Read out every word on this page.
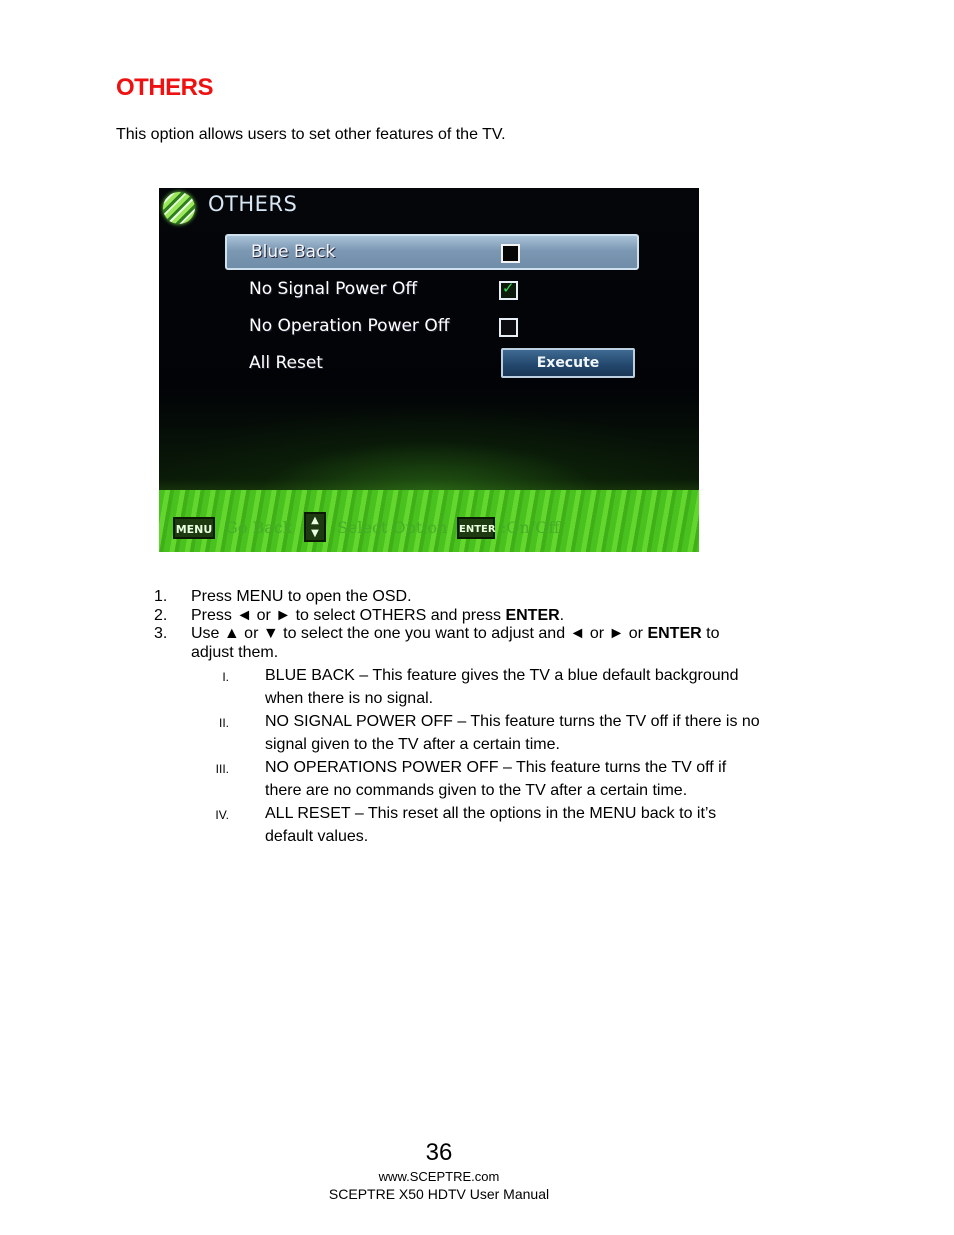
OTHERS
This option allows users to set other features of the TV.
OTHERS
Blue Back
No Signal Power Off	✓
No Operation Power Off
All Reset	Execute
MENU Go Back	▲
▼	Select Option ENTER :On/Off
1. Press MENU to open the OSD.
2. Press ◄ or ► to select OTHERS and press ENTER.
3. Use ▲ or ▼ to select the one you want to adjust and ◄ or ► or ENTER to adjust them.
I. BLUE BACK – This feature gives the TV a blue default background when there is no signal.
II. NO SIGNAL POWER OFF – This feature turns the TV off if there is no signal given to the TV after a certain time.
III. NO OPERATIONS POWER OFF – This feature turns the TV off if there are no commands given to the TV after a certain time.
IV. ALL RESET – This reset all the options in the MENU back to it’s default values.
36
www.SCEPTRE.com
SCEPTRE X50 HDTV User Manual
